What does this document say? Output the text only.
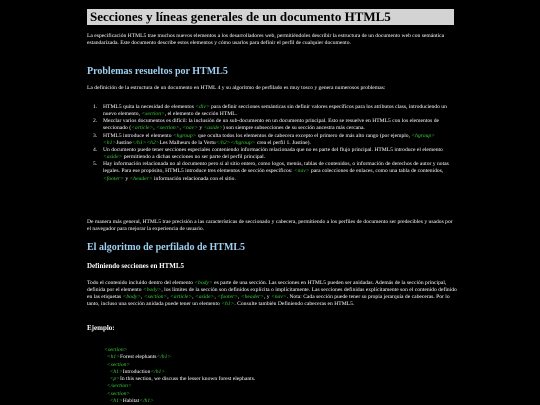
Secciones y líneas generales de un documento HTML5
La especificación HTML5 trae muchos nuevos elementos a los desarrolladores web, permitiéndoles describir la estructura de un documento web con semántica estandarizada. Este documento describe estos elementos y cómo usarlos para definir el perfil de cualquier documento.
Problemas resueltos por HTML5
La definición de la estructura de un documento en HTML 4 y su algoritmo de perfilado es muy tosco y genera numerosos problemas:
1. HTML5 quita la necesidad de elementos <div> para definir secciones semánticas sin definir valores específicos para los atributos class, introduciendo un nuevo elemento, <section>, el elemento de sección HTML.
2. Mezclar varios documentos es difícil: la inclusión de un sub-documento en un documento principal. Esto se resuelve en HTML5 con los elementos de seccionado (<article>, <section>, <nav> y <aside>) son siempre subsecciones de su sección ancestra más cercana.
3. HTML5 introduce el elemento <hgroup> que oculta todos los elementos de cabecera excepto el primero de más alto rango (por ejemplo, <hgroup><h1>Justine</h1><h2>Les Malheurs de la Vertu</h2></hgroup> crea el perfil 1. Justine).
4. Un documento puede tener secciones especiales conteniendo información relacionada que no es parte del flujo principal. HTML5 introduce el elemento <aside> permitiendo a dichas secciones no ser parte del perfil principal.
5. Hay información relacionada no al documento pero sí al sitio entero, como logos, menús, tablas de contenidos, o información de derechos de autor y notas legales. Para ese propósito, HTML5 introduce tres elementos de sección específicos: <nav> para colecciones de enlaces, como una tabla de contenidos, <footer> y <header> información relacionada con el sitio.
De manera más general, HTML5 trae precisión a las características de seccionado y cabecera, permitiendo a los perfiles de documento ser predecibles y usados por el navegador para mejorar la experiencia de usuario.
El algoritmo de perfilado de HTML5
Definiendo secciones en HTML5
Todo el contenido incluido dentro del elemento <body> es parte de una sección. Las secciones en HTML5 pueden ser anidadas. Además de la sección principal, definida por el elemento <body>, los límites de la sección son definidos explícita o implícitamente. Las secciones definidas explícitamente son el contenido definido en las etiquetas <body>, <section>, <article>, <aside>, <footer>, <header>, y <nav>. Nota: Cada sección puede tener su propia jerarquía de cabeceras. Por lo tanto, incluso una sección anidada puede tener un elemento <h1>. Consulte también Definiendo cabeceras en HTML5.
Ejemplo:
<section>
<h1>Forest elephants</h1>
<section>
<h1>Introduction</h1>
<p>In this section, we discuss the lesser known forest elephants.
</section>
<section>
<h1>Habitat</h1>
